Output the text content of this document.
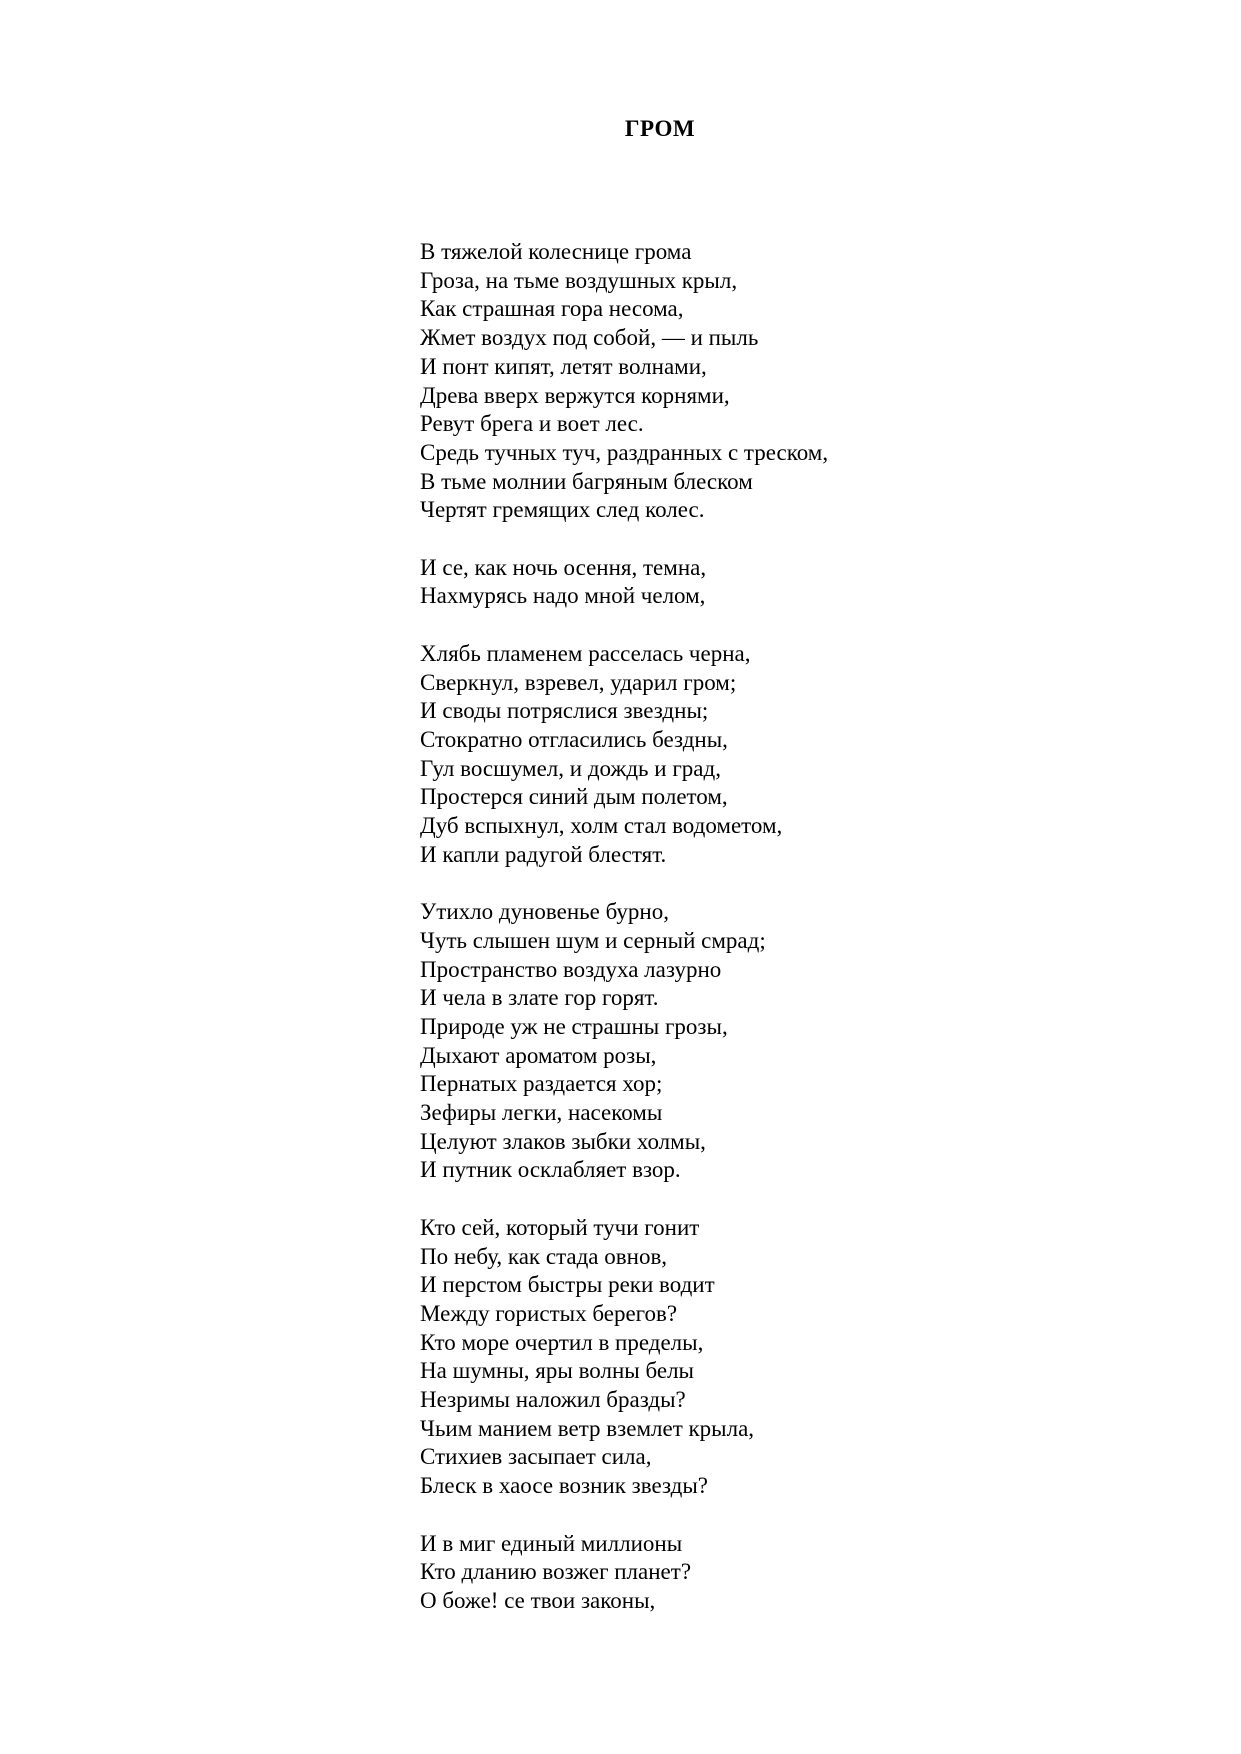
ГРОМ
В тяжелой колеснице грома
Гроза, на тьме воздушных крыл,
Как страшная гора несома,
Жмет воздух под собой, — и пыль
И понт кипят, летят волнами,
Древа вверх вержутся корнями,
Ревут брега и воет лес.
Средь тучных туч, раздранных с треском,
В тьме молнии багряным блеском
Чертят гремящих след колес.
И се, как ночь осення, темна,
Нахмурясь надо мной челом,
Хлябь пламенем расселась черна,
Сверкнул, взревел, ударил гром;
И своды потряслися звездны;
Стократно отгласились бездны,
Гул восшумел, и дождь и град,
Простерся синий дым полетом,
Дуб вспыхнул, холм стал водометом,
И капли радугой блестят.
Утихло дуновенье бурно,
Чуть слышен шум и серный смрад;
Пространство воздуха лазурно
И чела в злате гор горят.
Природе уж не страшны грозы,
Дыхают ароматом розы,
Пернатых раздается хор;
Зефиры легки, насекомы
Целуют злаков зыбки холмы,
И путник осклабляет взор.
Кто сей, который тучи гонит
По небу, как стада овнов,
И перстом быстры реки водит
Между гористых берегов?
Кто море очертил в пределы,
На шумны, яры волны белы
Незримы наложил бразды?
Чьим манием ветр вземлет крыла,
Стихиев засыпает сила,
Блеск в хаосе возник звезды?
И в миг единый миллионы
Кто дланию возжег планет?
О боже! се твои законы,
